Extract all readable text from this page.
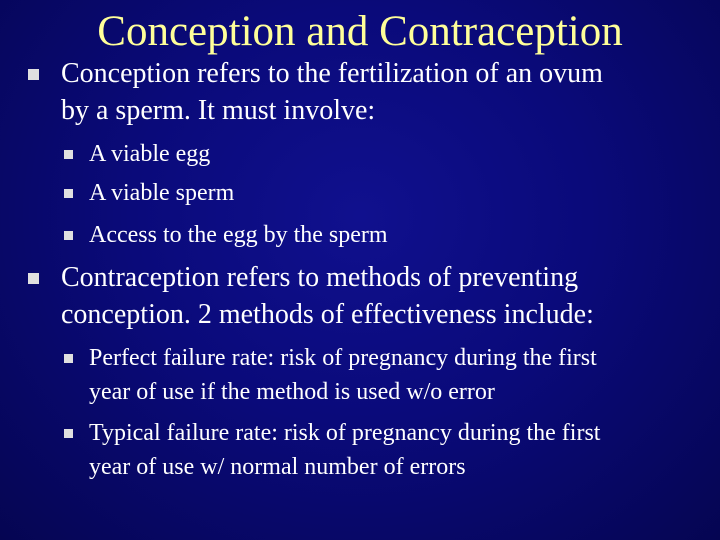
Conception and Contraception
Conception refers to the fertilization of an ovum
by a sperm. It must involve:
A viable egg
A viable sperm
Access to the egg by the sperm
Contraception refers to methods of preventing
conception. 2 methods of effectiveness include:
Perfect failure rate: risk of pregnancy during the first
year of use if the method is used w/o error
Typical failure rate: risk of pregnancy during the first
year of use w/ normal number of errors
